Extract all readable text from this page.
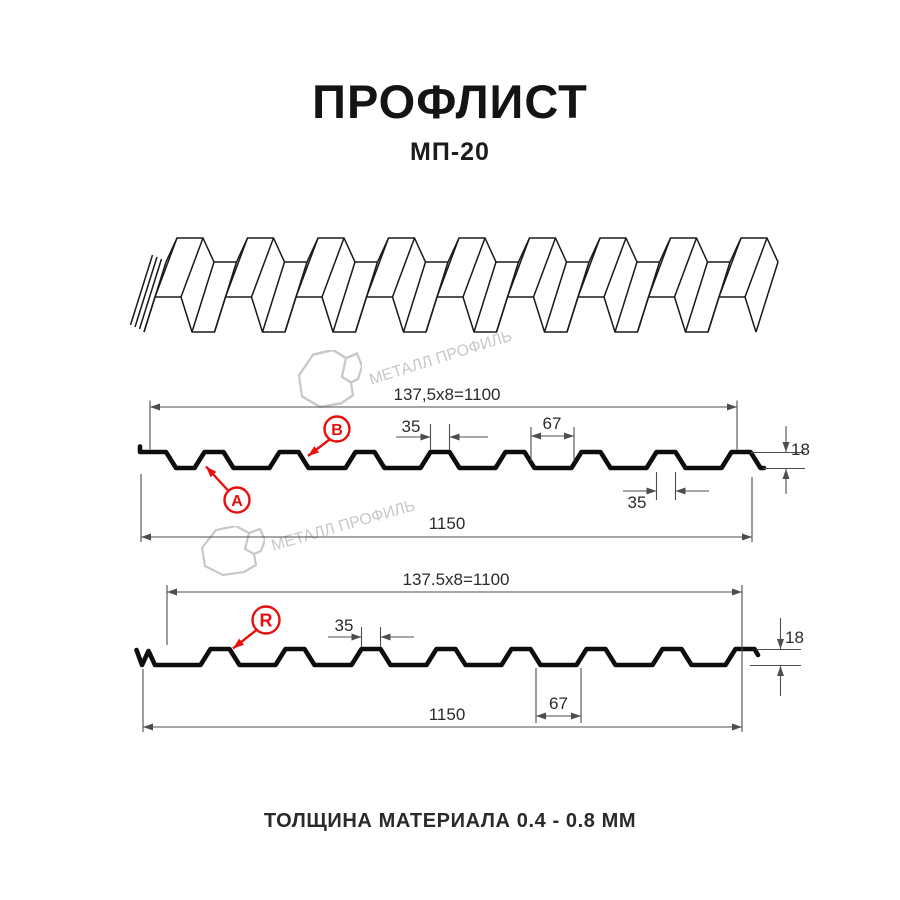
ПРОФЛИСТ
МП-20
МЕТАЛЛ ПРОФИЛЬ
МЕТАЛЛ ПРОФИЛЬ
137,5x8=1100
35	67
18
35
1150
A
B
137.5x8=1100
35
18
67
1150
R
ТОЛЩИНА МАТЕРИАЛА 0.4 - 0.8 ММ
